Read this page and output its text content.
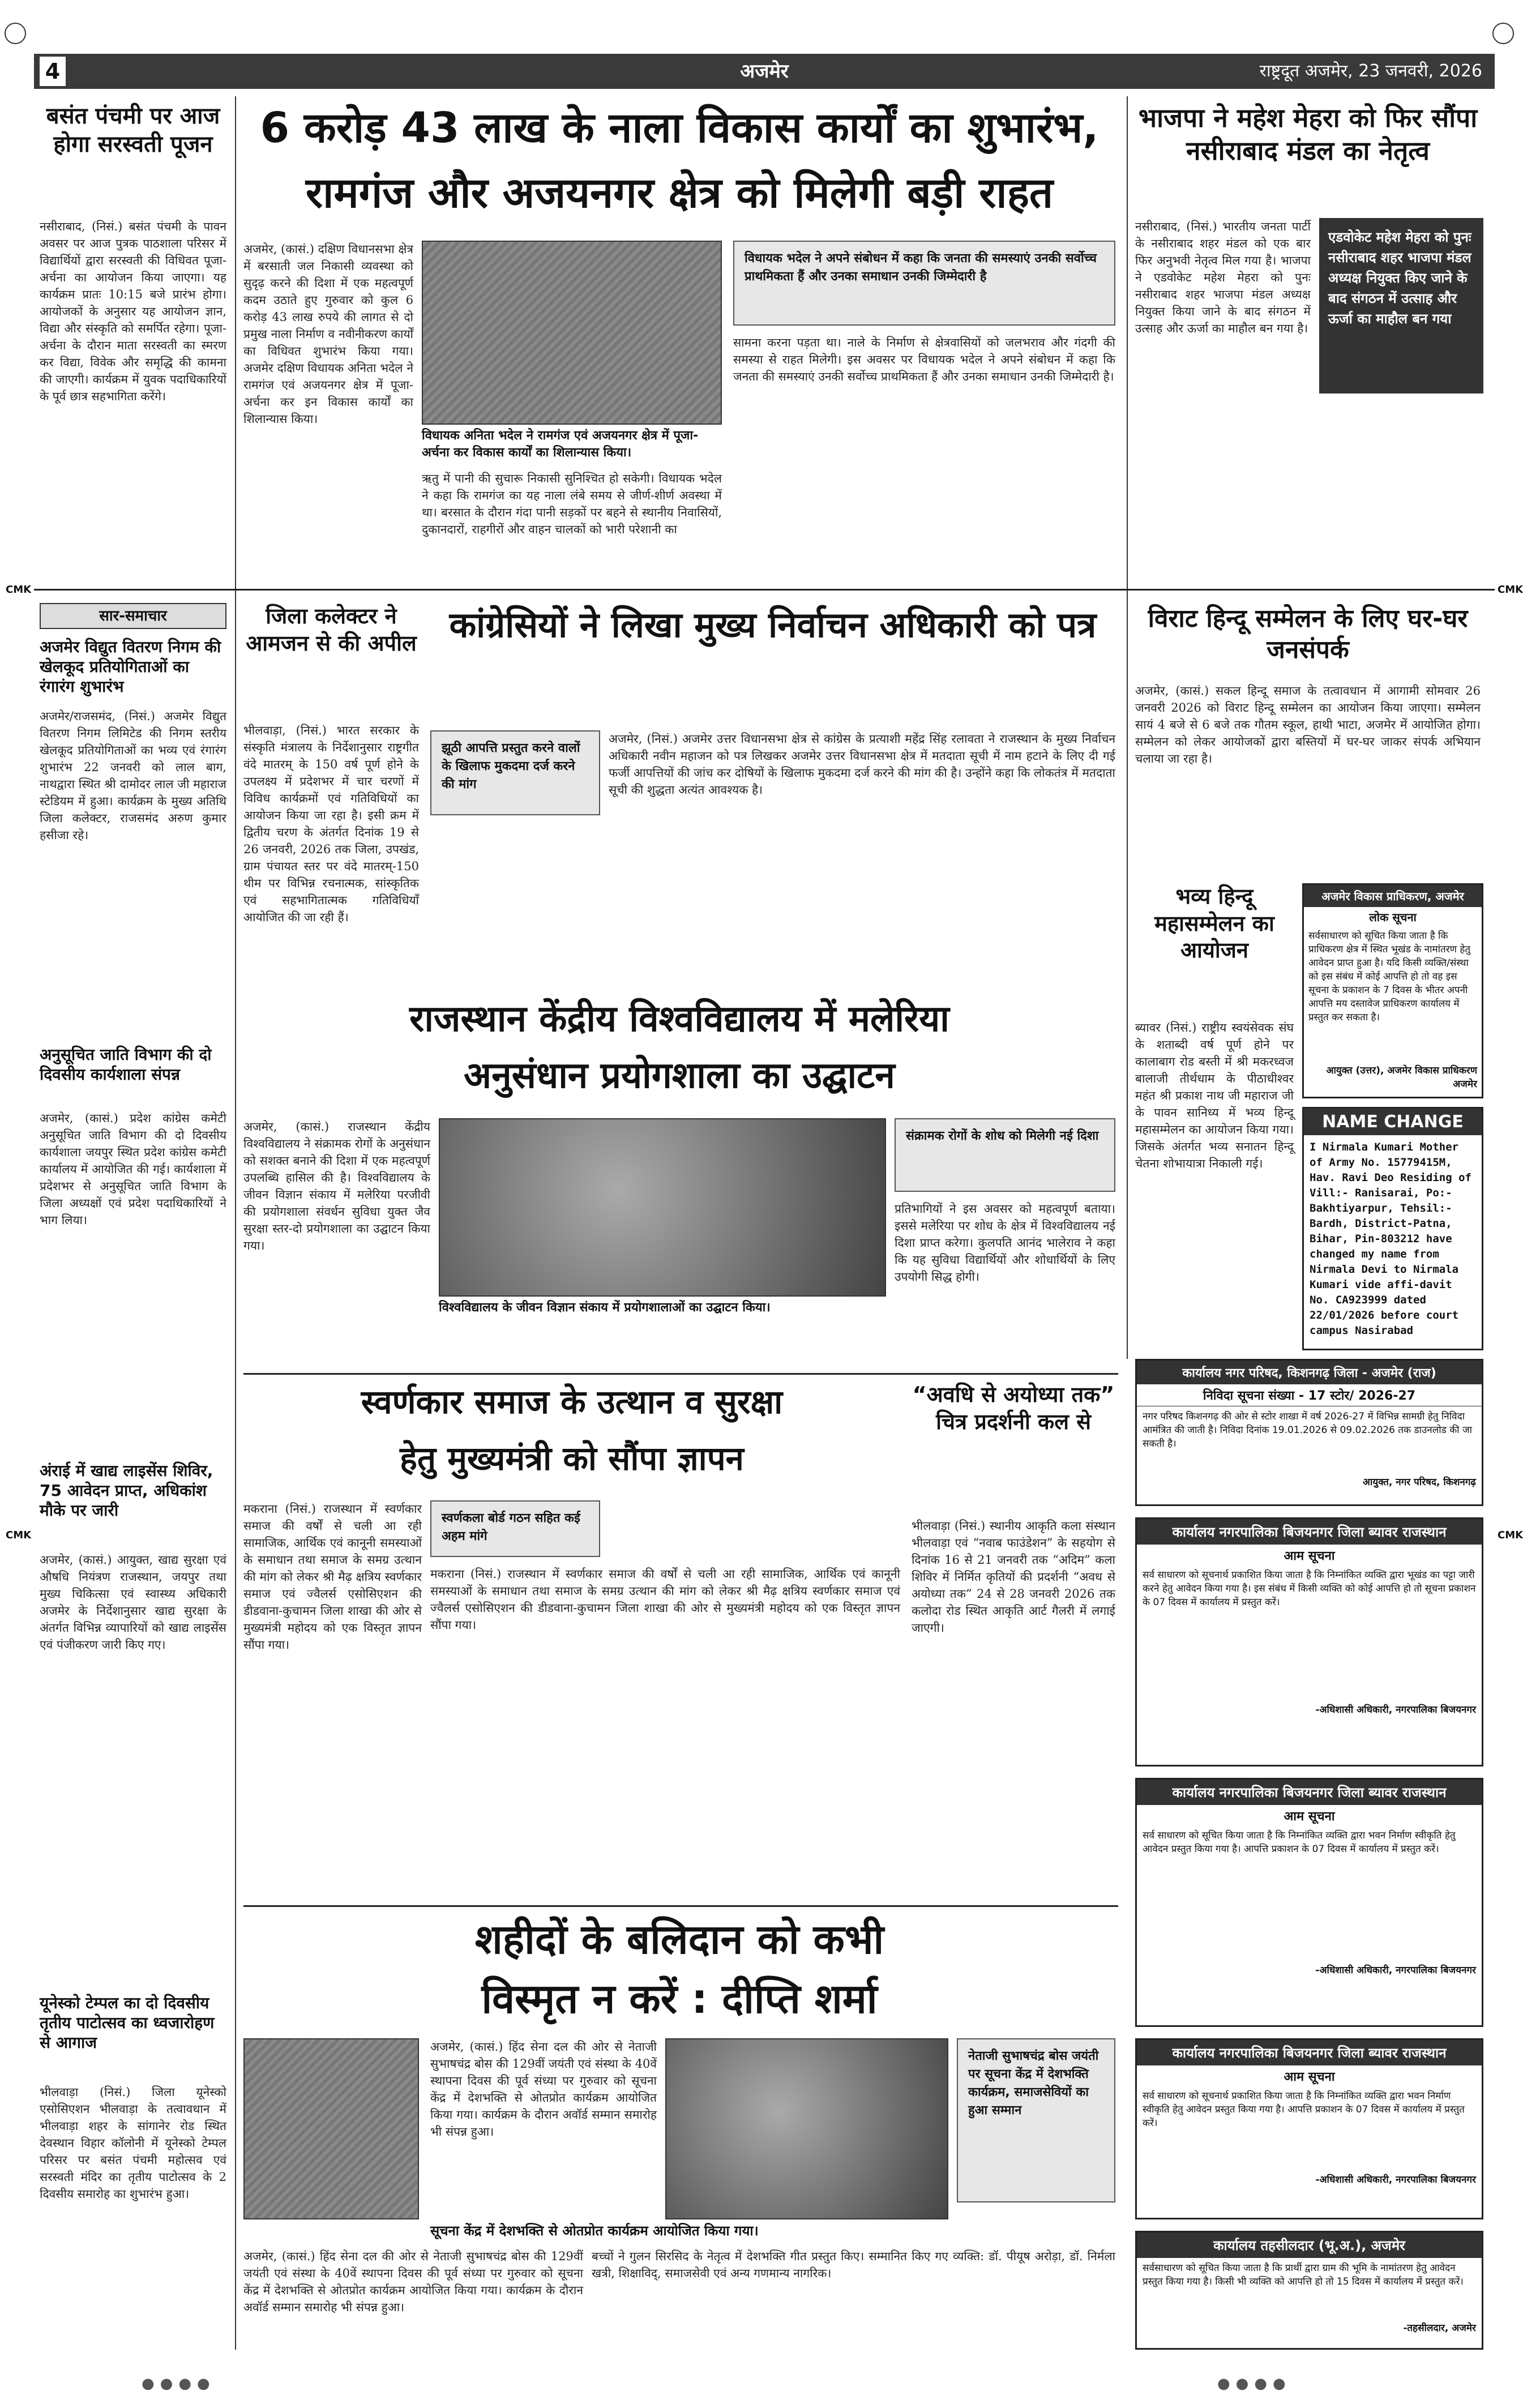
CMK	CMK
CMK	CMK
4	अजमेर	राष्ट्रदूत अजमेर, 23 जनवरी, 2026
बसंत पंचमी पर आज होगा सरस्वती पूजन
नसीराबाद, (निसं.) बसंत पंचमी के पावन अवसर पर आज पुत्रक पाठशाला परिसर में विद्यार्थियों द्वारा सरस्वती की विधिवत पूजा-अर्चना का आयोजन किया जाएगा। यह कार्यक्रम प्रातः 10:15 बजे प्रारंभ होगा। आयोजकों के अनुसार यह आयोजन ज्ञान, विद्या और संस्कृति को समर्पित रहेगा। पूजा-अर्चना के दौरान माता सरस्वती का स्मरण कर विद्या, विवेक और समृद्धि की कामना की जाएगी। कार्यक्रम में युवक पदाधिकारियों के पूर्व छात्र सहभागिता करेंगे।
6 करोड़ 43 लाख के नाला विकास कार्यों का शुभारंभ,
रामगंज और अजयनगर क्षेत्र को मिलेगी बड़ी राहत
अजमेर, (कासं.) दक्षिण विधानसभा क्षेत्र में बरसाती जल निकासी व्यवस्था को सुदृढ़ करने की दिशा में एक महत्वपूर्ण कदम उठाते हुए गुरुवार को कुल 6 करोड़ 43 लाख रुपये की लागत से दो प्रमुख नाला निर्माण व नवीनीकरण कार्यों का विधिवत शुभारंभ किया गया। अजमेर दक्षिण विधायक अनिता भदेल ने रामगंज एवं अजयनगर क्षेत्र में पूजा-अर्चना कर इन विकास कार्यों का शिलान्यास किया।
विधायक भदेल ने अपने संबोधन में कहा कि जनता की समस्याएं उनकी सर्वोच्च प्राथमिकता हैं और उनका समाधान उनकी जिम्मेदारी है
सामना करना पड़ता था। नाले के निर्माण से क्षेत्रवासियों को जलभराव और गंदगी की समस्या से राहत मिलेगी। इस अवसर पर विधायक भदेल ने अपने संबोधन में कहा कि जनता की समस्याएं उनकी सर्वोच्च प्राथमिकता हैं और उनका समाधान उनकी जिम्मेदारी है।
विधायक अनिता भदेल ने रामगंज एवं अजयनगर क्षेत्र में पूजा-अर्चना कर विकास कार्यों का शिलान्यास किया।
ऋतु में पानी की सुचारू निकासी सुनिश्चित हो सकेगी। विधायक भदेल ने कहा कि रामगंज का यह नाला लंबे समय से जीर्ण-शीर्ण अवस्था में था। बरसात के दौरान गंदा पानी सड़कों पर बहने से स्थानीय निवासियों, दुकानदारों, राहगीरों और वाहन चालकों को भारी परेशानी का
भाजपा ने महेश मेहरा को फिर सौंपा नसीराबाद मंडल का नेतृत्व
एडवोकेट महेश मेहरा को पुनः नसीराबाद शहर भाजपा मंडल अध्यक्ष नियुक्त किए जाने के बाद संगठन में उत्साह और ऊर्जा का माहौल बन गया
नसीराबाद, (निसं.) भारतीय जनता पार्टी के नसीराबाद शहर मंडल को एक बार फिर अनुभवी नेतृत्व मिल गया है। भाजपा ने एडवोकेट महेश मेहरा को पुनः नसीराबाद शहर भाजपा मंडल अध्यक्ष नियुक्त किया जाने के बाद संगठन में उत्साह और ऊर्जा का माहौल बन गया है।
सार-समाचार
अजमेर विद्युत वितरण निगम की खेलकूद प्रतियोगिताओं का रंगारंग शुभारंभ
अजमेर/राजसमंद, (निसं.) अजमेर विद्युत वितरण निगम लिमिटेड की निगम स्तरीय खेलकूद प्रतियोगिताओं का भव्य एवं रंगारंग शुभारंभ 22 जनवरी को लाल बाग, नाथद्वारा स्थित श्री दामोदर लाल जी महाराज स्टेडियम में हुआ। कार्यक्रम के मुख्य अतिथि जिला कलेक्टर, राजसमंद अरुण कुमार हसीजा रहे।
अनुसूचित जाति विभाग की दो दिवसीय कार्यशाला संपन्न
अजमेर, (कासं.) प्रदेश कांग्रेस कमेटी अनुसूचित जाति विभाग की दो दिवसीय कार्यशाला जयपुर स्थित प्रदेश कांग्रेस कमेटी कार्यालय में आयोजित की गई। कार्यशाला में प्रदेशभर से अनुसूचित जाति विभाग के जिला अध्यक्षों एवं प्रदेश पदाधिकारियों ने भाग लिया।
अंराई में खाद्य लाइसेंस शिविर, 75 आवेदन प्राप्त, अधिकांश मौके पर जारी
अजमेर, (कासं.) आयुक्त, खाद्य सुरक्षा एवं औषधि नियंत्रण राजस्थान, जयपुर तथा मुख्य चिकित्सा एवं स्वास्थ्य अधिकारी अजमेर के निर्देशानुसार खाद्य सुरक्षा के अंतर्गत विभिन्न व्यापारियों को खाद्य लाइसेंस एवं पंजीकरण जारी किए गए।
यूनेस्को टेम्पल का दो दिवसीय तृतीय पाटोत्सव का ध्वजारोहण से आगाज
भीलवाड़ा (निसं.) जिला यूनेस्को एसोसिएशन भीलवाड़ा के तत्वावधान में भीलवाड़ा शहर के सांगानेर रोड स्थित देवस्थान विहार कॉलोनी में यूनेस्को टेम्पल परिसर पर बसंत पंचमी महोत्सव एवं सरस्वती मंदिर का तृतीय पाटोत्सव के 2 दिवसीय समारोह का शुभारंभ हुआ।
जिला कलेक्टर ने आमजन से की अपील
भीलवाड़ा, (निसं.) भारत सरकार के संस्कृति मंत्रालय के निर्देशानुसार राष्ट्रगीत वंदे मातरम् के 150 वर्ष पूर्ण होने के उपलक्ष्य में प्रदेशभर में चार चरणों में विविध कार्यक्रमों एवं गतिविधियों का आयोजन किया जा रहा है। इसी क्रम में द्वितीय चरण के अंतर्गत दिनांक 19 से 26 जनवरी, 2026 तक जिला, उपखंड, ग्राम पंचायत स्तर पर वंदे मातरम्-150 थीम पर विभिन्न रचनात्मक, सांस्कृतिक एवं सहभागितात्मक गतिविधियाँ आयोजित की जा रही हैं।
कांग्रेसियों ने लिखा मुख्य निर्वाचन अधिकारी को पत्र
झूठी आपत्ति प्रस्तुत करने वालों के खिलाफ मुकदमा दर्ज करने की मांग
अजमेर, (निसं.) अजमेर उत्तर विधानसभा क्षेत्र से कांग्रेस के प्रत्याशी महेंद्र सिंह रलावता ने राजस्थान के मुख्य निर्वाचन अधिकारी नवीन महाजन को पत्र लिखकर अजमेर उत्तर विधानसभा क्षेत्र में मतदाता सूची में नाम हटाने के लिए दी गई फर्जी आपत्तियों की जांच कर दोषियों के खिलाफ मुकदमा दर्ज करने की मांग की है। उन्होंने कहा कि लोकतंत्र में मतदाता सूची की शुद्धता अत्यंत आवश्यक है।
विराट हिन्दू सम्मेलन के लिए घर-घर जनसंपर्क
अजमेर, (कासं.) सकल हिन्दू समाज के तत्वावधान में आगामी सोमवार 26 जनवरी 2026 को विराट हिन्दू सम्मेलन का आयोजन किया जाएगा। सम्मेलन सायं 4 बजे से 6 बजे तक गौतम स्कूल, हाथी भाटा, अजमेर में आयोजित होगा। सम्मेलन को लेकर आयोजकों द्वारा बस्तियों में घर-घर जाकर संपर्क अभियान चलाया जा रहा है।
अजमेर विकास प्राधिकरण, अजमेर
लोक सूचना
सर्वसाधारण को सूचित किया जाता है कि प्राधिकरण क्षेत्र में स्थित भूखंड के नामांतरण हेतु आवेदन प्राप्त हुआ है। यदि किसी व्यक्ति/संस्था को इस संबंध में कोई आपत्ति हो तो वह इस सूचना के प्रकाशन के 7 दिवस के भीतर अपनी आपत्ति मय दस्तावेज प्राधिकरण कार्यालय में प्रस्तुत कर सकता है।
आयुक्त (उत्तर), अजमेर विकास प्राधिकरण अजमेर
भव्य हिन्दू महासम्मेलन का आयोजन
ब्यावर (निसं.) राष्ट्रीय स्वयंसेवक संघ के शताब्दी वर्ष पूर्ण होने पर कालाबाग रोड बस्ती में श्री मकरध्वज बालाजी तीर्थधाम के पीठाधीश्वर महंत श्री प्रकाश नाथ जी महाराज जी के पावन सानिध्य में भव्य हिन्दू महासम्मेलन का आयोजन किया गया। जिसके अंतर्गत भव्य सनातन हिन्दू चेतना शोभायात्रा निकाली गई।
NAME CHANGE
I Nirmala Kumari Mother of Army No. 15779415M, Hav. Ravi Deo Residing of Vill:- Ranisarai, Po:- Bakhtiyarpur, Tehsil:-Bardh, District-Patna, Bihar, Pin-803212 have changed my name from Nirmala Devi to Nirmala Kumari vide affi-davit No. CA923999 dated 22/01/2026 before court campus Nasirabad
राजस्थान केंद्रीय विश्वविद्यालय में मलेरिया
अनुसंधान प्रयोगशाला का उद्घाटन
अजमेर, (कासं.) राजस्थान केंद्रीय विश्वविद्यालय ने संक्रामक रोगों के अनुसंधान को सशक्त बनाने की दिशा में एक महत्वपूर्ण उपलब्धि हासिल की है। विश्वविद्यालय के जीवन विज्ञान संकाय में मलेरिया परजीवी की प्रयोगशाला संवर्धन सुविधा युक्त जैव सुरक्षा स्तर-दो प्रयोगशाला का उद्घाटन किया गया।
विश्वविद्यालय के जीवन विज्ञान संकाय में प्रयोगशालाओं का उद्घाटन किया।
संक्रामक रोगों के शोध को मिलेगी नई दिशा
प्रतिभागियों ने इस अवसर को महत्वपूर्ण बताया। इससे मलेरिया पर शोध के क्षेत्र में विश्वविद्यालय नई दिशा प्राप्त करेगा। कुलपति आनंद भालेराव ने कहा कि यह सुविधा विद्यार्थियों और शोधार्थियों के लिए उपयोगी सिद्ध होगी।
स्वर्णकार समाज के उत्थान व सुरक्षा
हेतु मुख्यमंत्री को सौंपा ज्ञापन
स्वर्णकला बोर्ड गठन सहित कई अहम मांगे
मकराना (निसं.) राजस्थान में स्वर्णकार समाज की वर्षों से चली आ रही सामाजिक, आर्थिक एवं कानूनी समस्याओं के समाधान तथा समाज के समग्र उत्थान की मांग को लेकर श्री मैढ़ क्षत्रिय स्वर्णकार समाज एवं ज्वैलर्स एसोसिएशन की डीडवाना-कुचामन जिला शाखा की ओर से मुख्यमंत्री महोदय को एक विस्तृत ज्ञापन सौंपा गया।
मकराना (निसं.) राजस्थान में स्वर्णकार समाज की वर्षों से चली आ रही सामाजिक, आर्थिक एवं कानूनी समस्याओं के समाधान तथा समाज के समग्र उत्थान की मांग को लेकर श्री मैढ़ क्षत्रिय स्वर्णकार समाज एवं ज्वैलर्स एसोसिएशन की डीडवाना-कुचामन जिला शाखा की ओर से मुख्यमंत्री महोदय को एक विस्तृत ज्ञापन सौंपा गया।
“अवधि से अयोध्या तक” चित्र प्रदर्शनी कल से
भीलवाड़ा (निसं.) स्थानीय आकृति कला संस्थान भीलवाड़ा एवं “नवाब फाउंडेशन” के सहयोग से दिनांक 16 से 21 जनवरी तक “अदिम” कला शिविर में निर्मित कृतियों की प्रदर्शनी “अवध से अयोध्या तक” 24 से 28 जनवरी 2026 तक कलोदा रोड स्थित आकृति आर्ट गैलरी में लगाई जाएगी।
कार्यालय नगर परिषद, किशनगढ़ जिला - अजमेर (राज)
निविदा सूचना संख्या - 17 स्टोर/ 2026-27
नगर परिषद किशनगढ़ की ओर से स्टोर शाखा में वर्ष 2026-27 में विभिन्न सामग्री हेतु निविदा आमंत्रित की जाती है। निविदा दिनांक 19.01.2026 से 09.02.2026 तक डाउनलोड की जा सकती है।
आयुक्त, नगर परिषद, किशनगढ़
कार्यालय नगरपालिका बिजयनगर जिला ब्यावर राजस्थान
आम सूचना
सर्व साधारण को सूचनार्थ प्रकाशित किया जाता है कि निम्नांकित व्यक्ति द्वारा भूखंड का पट्टा जारी करने हेतु आवेदन किया गया है। इस संबंध में किसी व्यक्ति को कोई आपत्ति हो तो सूचना प्रकाशन के 07 दिवस में कार्यालय में प्रस्तुत करें।
-अधिशासी अधिकारी, नगरपालिका बिजयनगर
कार्यालय नगरपालिका बिजयनगर जिला ब्यावर राजस्थान
आम सूचना
सर्व साधारण को सूचित किया जाता है कि निम्नांकित व्यक्ति द्वारा भवन निर्माण स्वीकृति हेतु आवेदन प्रस्तुत किया गया है। आपत्ति प्रकाशन के 07 दिवस में कार्यालय में प्रस्तुत करें।
-अधिशासी अधिकारी, नगरपालिका बिजयनगर
कार्यालय नगरपालिका बिजयनगर जिला ब्यावर राजस्थान
आम सूचना
सर्व साधारण को सूचनार्थ प्रकाशित किया जाता है कि निम्नांकित व्यक्ति द्वारा भवन निर्माण स्वीकृति हेतु आवेदन प्रस्तुत किया गया है। आपत्ति प्रकाशन के 07 दिवस में कार्यालय में प्रस्तुत करें।
-अधिशासी अधिकारी, नगरपालिका बिजयनगर
कार्यालय तहसीलदार (भू.अ.), अजमेर
सर्वसाधारण को सूचित किया जाता है कि प्रार्थी द्वारा ग्राम की भूमि के नामांतरण हेतु आवेदन प्रस्तुत किया गया है। किसी भी व्यक्ति को आपत्ति हो तो 15 दिवस में कार्यालय में प्रस्तुत करें।
-तहसीलदार, अजमेर
शहीदों के बलिदान को कभी
विस्मृत न करें : दीप्ति शर्मा
अजमेर, (कासं.) हिंद सेना दल की ओर से नेताजी सुभाषचंद्र बोस की 129वीं जयंती एवं संस्था के 40वें स्थापना दिवस की पूर्व संध्या पर गुरुवार को सूचना केंद्र में देशभक्ति से ओतप्रोत कार्यक्रम आयोजित किया गया। कार्यक्रम के दौरान अवॉर्ड सम्मान समारोह भी संपन्न हुआ।
नेताजी सुभाषचंद्र बोस जयंती पर सूचना केंद्र में देशभक्ति कार्यक्रम, समाजसेवियों का हुआ सम्मान
सूचना केंद्र में देशभक्ति से ओतप्रोत कार्यक्रम आयोजित किया गया।
अजमेर, (कासं.) हिंद सेना दल की ओर से नेताजी सुभाषचंद्र बोस की 129वीं जयंती एवं संस्था के 40वें स्थापना दिवस की पूर्व संध्या पर गुरुवार को सूचना केंद्र में देशभक्ति से ओतप्रोत कार्यक्रम आयोजित किया गया। कार्यक्रम के दौरान अवॉर्ड सम्मान समारोह भी संपन्न हुआ।
बच्चों ने गुलन सिरसिद के नेतृत्व में देशभक्ति गीत प्रस्तुत किए। सम्मानित किए गए व्यक्ति: डॉ. पीयूष अरोड़ा, डॉ. निर्मला खत्री, शिक्षाविद्, समाजसेवी एवं अन्य गणमान्य नागरिक।
●●●●	●●●●
